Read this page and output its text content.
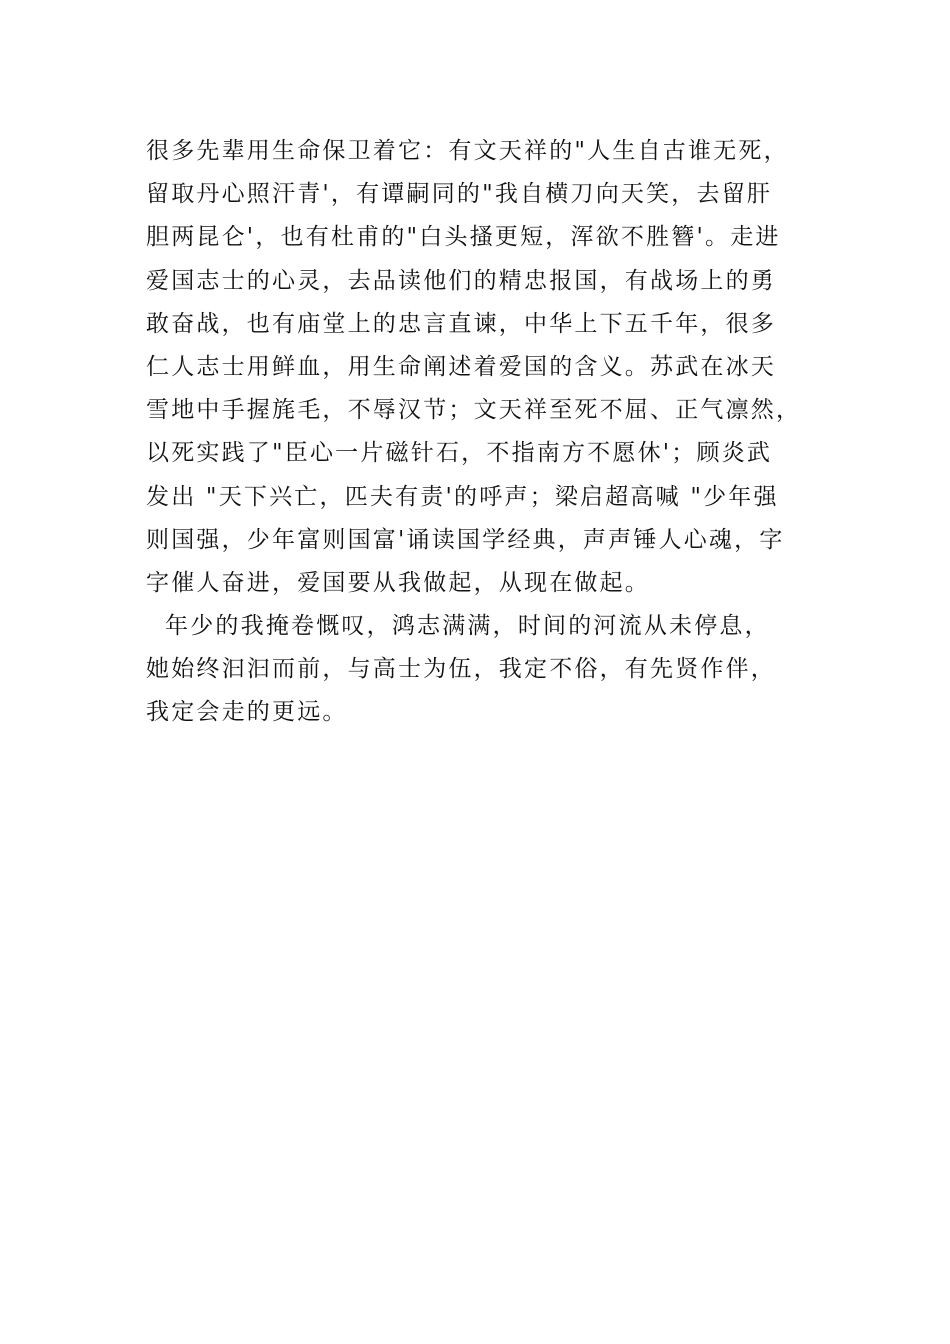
很多先辈用生命保卫着它：有文天祥的"人生自古谁无死，
留取丹心照汗青'，有谭嗣同的"我自横刀向天笑，去留肝
胆两昆仑'，也有杜甫的"白头搔更短，浑欲不胜簪'。走进
爱国志士的心灵，去品读他们的精忠报国，有战场上的勇
敢奋战，也有庙堂上的忠言直谏，中华上下五千年，很多
仁人志士用鲜血，用生命阐述着爱国的含义。苏武在冰天
雪地中手握旄毛，不辱汉节；文天祥至死不屈、正气凛然，
以死实践了"臣心一片磁针石，不指南方不愿休'；顾炎武
发出 "天下兴亡，匹夫有责'的呼声；梁启超高喊 "少年强
则国强，少年富则国富'诵读国学经典，声声锤人心魂，字
字催人奋进，爱国要从我做起，从现在做起。
年少的我掩卷慨叹，鸿志满满，时间的河流从未停息，
她始终汩汩而前，与高士为伍，我定不俗，有先贤作伴，
我定会走的更远。
